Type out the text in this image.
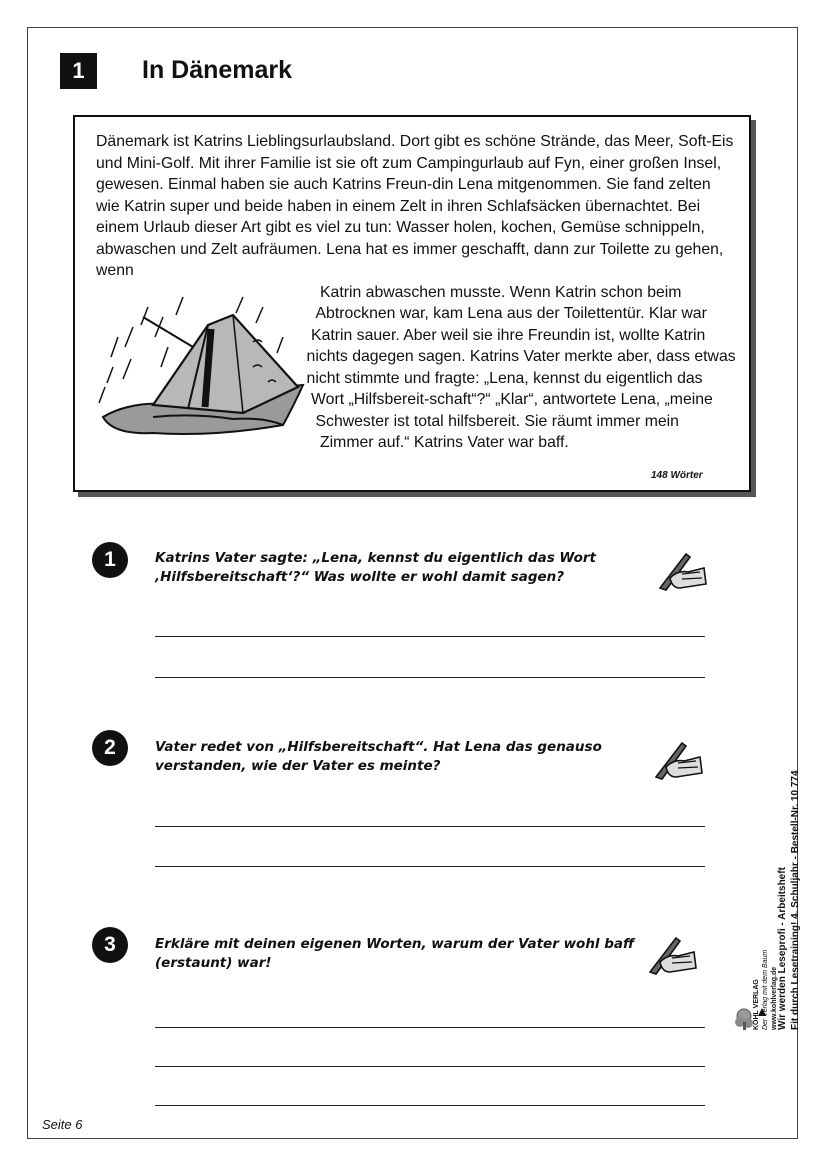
1 In Dänemark

Dänemark ist Katrins Lieblingsurlaubsland. Dort gibt es schöne Strände, das Meer, Soft-Eis und Mini-Golf. Mit ihrer Familie ist sie oft zum Campingurlaub auf Fyn, einer großen Insel, gewesen. Einmal haben sie auch Katrins Freun-din Lena mitgenommen. Sie fand zelten wie Katrin super und beide haben in einem Zelt in ihren Schlafsäcken übernachtet. Bei einem Urlaub dieser Art gibt es viel zu tun: Wasser holen, kochen, Gemüse schnippeln, abwaschen und Zelt aufräumen. Lena hat es immer geschafft, dann zur Toilette zu gehen, wenn

Katrin abwaschen musste. Wenn Katrin schon beim Abtrocknen war, kam Lena aus der Toilettentür. Klar war Katrin sauer. Aber weil sie ihre Freundin ist, wollte Katrin nichts dagegen sagen. Katrins Vater merkte aber, dass etwas nicht stimmte und fragte: „Lena, kennst du eigentlich das Wort „Hilfsbereit-schaft“?“ „Klar“, antwortete Lena, „meine Schwester ist total hilfsbereit. Sie räumt immer mein Zimmer auf.“ Katrins Vater war baff.

148 Wörter
1	Katrins Vater sagte: „Lena, kennst du eigentlich das Wort ‚Hilfsbereitschaft‘?“ Was wollte er wohl damit sagen?
2	Vater redet von „Hilfsbereitschaft“. Hat Lena das genauso verstanden, wie der Vater es meinte?
3	Erkläre mit deinen eigenen Worten, warum der Vater wohl baff (erstaunt) war!
Seite 6
Wir werden Leseprofi - Arbeitsheft Fit durch Lesetraining! 4. Schuljahr - Bestell-Nr. 10 774
KOHL VERLAG Der Verlag mit dem Baum www.kohlverlag.de
